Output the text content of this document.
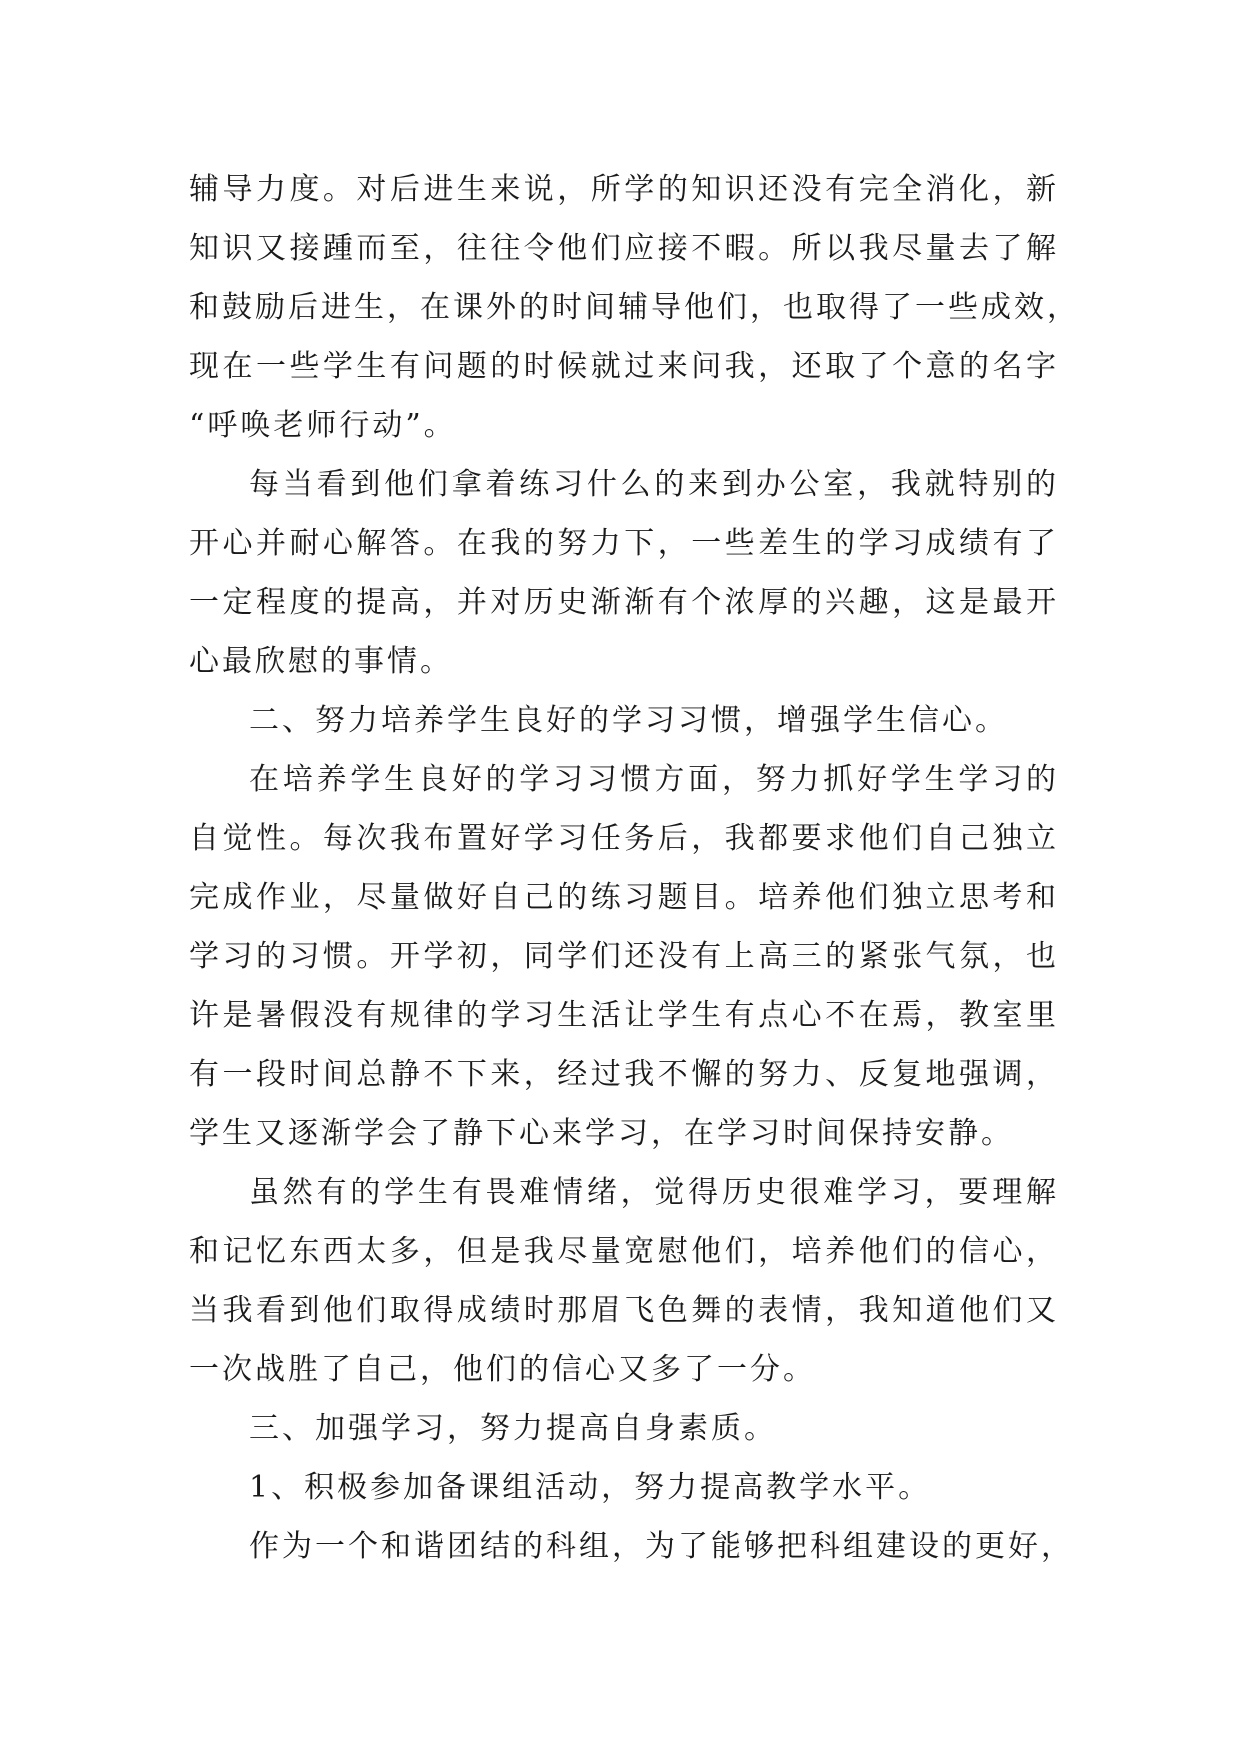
辅导力度。对后进生来说，所学的知识还没有完全消化，新
知识又接踵而至，往往令他们应接不暇。所以我尽量去了解
和鼓励后进生，在课外的时间辅导他们，也取得了一些成效，
现在一些学生有问题的时候就过来问我，还取了个意的名字
“呼唤老师行动”。
每当看到他们拿着练习什么的来到办公室，我就特别的
开心并耐心解答。在我的努力下，一些差生的学习成绩有了
一定程度的提高，并对历史渐渐有个浓厚的兴趣，这是最开
心最欣慰的事情。
二、努力培养学生良好的学习习惯，增强学生信心。
在培养学生良好的学习习惯方面，努力抓好学生学习的
自觉性。每次我布置好学习任务后，我都要求他们自己独立
完成作业，尽量做好自己的练习题目。培养他们独立思考和
学习的习惯。开学初，同学们还没有上高三的紧张气氛，也
许是暑假没有规律的学习生活让学生有点心不在焉，教室里
有一段时间总静不下来，经过我不懈的努力、反复地强调，
学生又逐渐学会了静下心来学习，在学习时间保持安静。
虽然有的学生有畏难情绪，觉得历史很难学习，要理解
和记忆东西太多，但是我尽量宽慰他们，培养他们的信心，
当我看到他们取得成绩时那眉飞色舞的表情，我知道他们又
一次战胜了自己，他们的信心又多了一分。
三、加强学习，努力提高自身素质。
1、积极参加备课组活动，努力提高教学水平。
作为一个和谐团结的科组，为了能够把科组建设的更好，
